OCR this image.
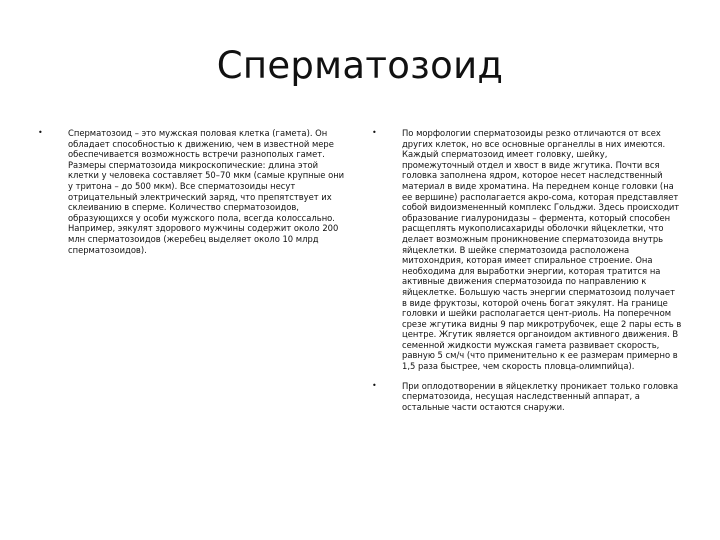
Сперматозоид
•	Сперматозоид – это мужская половая клетка (гамета). Он обладает способностью к движению, чем в известной мере обеспечивается возможность встречи разнополых гамет. Размеры сперматозоида микроскопические: длина этой клетки у человека составляет 50–70 мкм (самые крупные они у тритона – до 500 мкм). Все сперматозоиды несут отрицательный электрический заряд, что препятствует их склеиванию в сперме. Количество сперматозоидов, образующихся у особи мужского пола, всегда колоссально. Например, эякулят здорового мужчины содержит около 200 млн сперматозоидов (жеребец выделяет около 10 млрд сперматозоидов).
•	По морфологии сперматозоиды резко отличаются от всех других клеток, но все основные органеллы в них имеются. Каждый сперматозоид имеет головку, шейку, промежуточный отдел и хвост в виде жгутика. Почти вся головка заполнена ядром, которое несет наследственный материал в виде хроматина. На переднем конце головки (на ее вершине) располагается акро-сома, которая представляет собой видоизмененный комплекс Гольджи. Здесь происходит образование гиалуронидазы – фермента, который способен расщеплять мукополисахариды оболочки яйцеклетки, что делает возможным проникновение сперматозоида внутрь яйцеклетки. В шейке сперматозоида расположена митохондрия, которая имеет спиральное строение. Она необходима для выработки энергии, которая тратится на активные движения сперматозоида по направлению к яйцеклетке. Большую часть энергии сперматозоид получает в виде фруктозы, которой очень богат эякулят. На границе головки и шейки располагается цент-риоль. На поперечном срезе жгутика видны 9 пар микротрубочек, еще 2 пары есть в центре. Жгутик является органоидом активного движения. В семенной жидкости мужская гамета развивает скорость, равную 5 см/ч (что применительно к ее размерам примерно в 1,5 раза быстрее, чем скорость пловца-олимпийца).
•	При оплодотворении в яйцеклетку проникает только головка сперматозоида, несущая наследственный аппарат, а остальные части остаются снаружи.
